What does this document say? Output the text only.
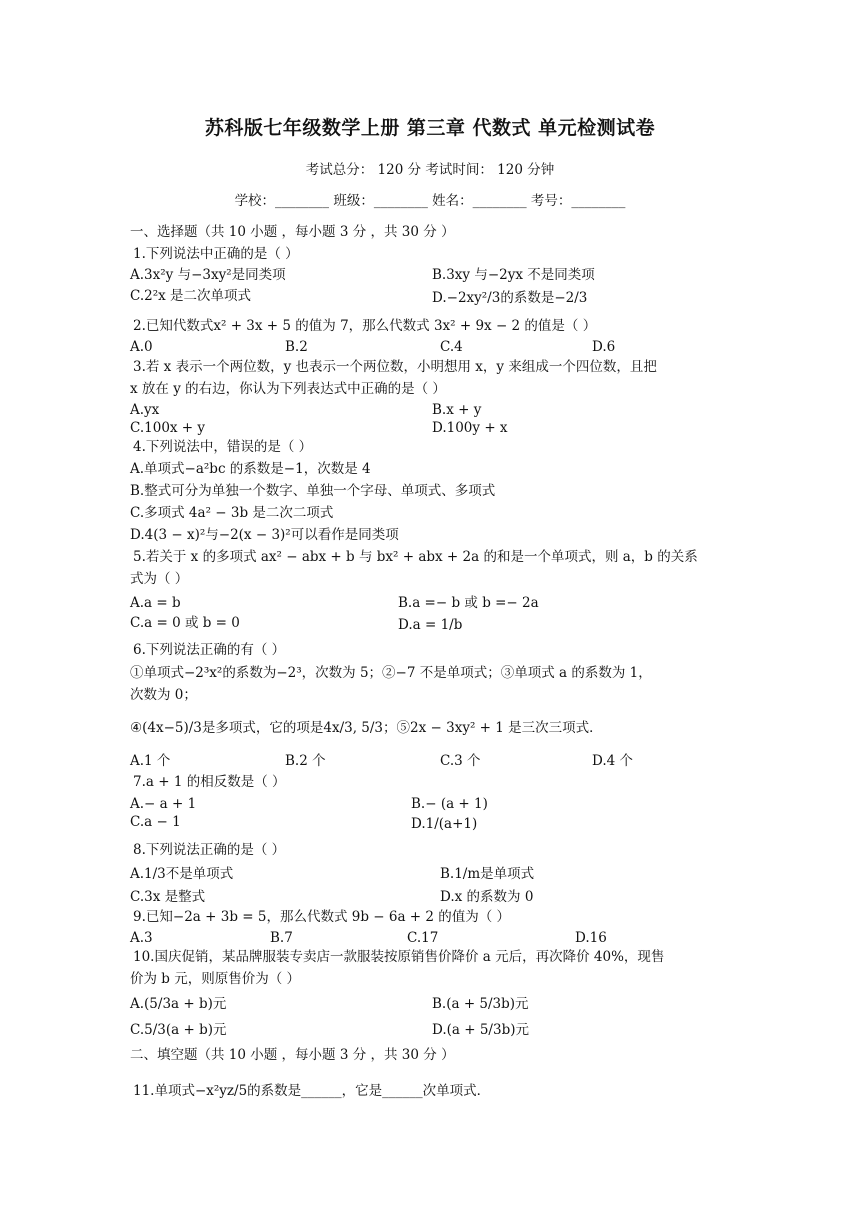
苏科版七年级数学上册 第三章 代数式 单元检测试卷
考试总分： 120 分 考试时间： 120 分钟
学校：________ 班级：________ 姓名：________ 考号：________
一、选择题（共 10 小题 ，每小题 3 分 ，共 30 分 ）
1.下列说法中正确的是（ ）
A.3x²y 与−3xy²是同类项	B.3xy 与−2yx 不是同类项
C.2²x 是二次单项式	D.−2xy²/3的系数是−2/3
2.已知代数式x² + 3x + 5 的值为 7，那么代数式 3x² + 9x − 2 的值是（ ）
A.0	B.2	C.4	D.6
3.若 x 表示一个两位数，y 也表示一个两位数，小明想用 x，y 来组成一个四位数，且把
x 放在 y 的右边，你认为下列表达式中正确的是（ ）
A.yx	B.x + y
C.100x + y	D.100y + x
4.下列说法中，错误的是（ ）
A.单项式−a²bc 的系数是−1，次数是 4
B.整式可分为单独一个数字、单独一个字母、单项式、多项式
C.多项式 4a² − 3b 是二次二项式
D.4(3 − x)²与−2(x − 3)²可以看作是同类项
5.若关于 x 的多项式 ax² − abx + b 与 bx² + abx + 2a 的和是一个单项式，则 a，b 的关系
式为（ ）
A.a = b	B.a =− b 或 b =− 2a
C.a = 0 或 b = 0	D.a = 1/b
6.下列说法正确的有（ ）
①单项式−2³x²的系数为−2³，次数为 5；②−7 不是单项式；③单项式 a 的系数为 1，
次数为 0；
④(4x−5)/3是多项式，它的项是4x/3, 5/3；⑤2x − 3xy² + 1 是三次三项式．
A.1 个	B.2 个	C.3 个	D.4 个
7.a + 1 的相反数是（ ）
A.− a + 1	B.− (a + 1)
C.a − 1	D.1/(a+1)
8.下列说法正确的是（ ）
A.1/3不是单项式	B.1/m是单项式
C.3x 是整式	D.x 的系数为 0
9.已知−2a + 3b = 5，那么代数式 9b − 6a + 2 的值为（ ）
A.3	B.7	C.17	D.16
10.国庆促销，某品牌服装专卖店一款服装按原销售价降价 a 元后，再次降价 40%，现售
价为 b 元，则原售价为（ ）
A.(5/3a + b)元	B.(a + 5/3b)元
C.5/3(a + b)元	D.(a + 5/3b)元
二、填空题（共 10 小题 ，每小题 3 分 ，共 30 分 ）
11.单项式−x²yz/5的系数是______，它是______次单项式．
